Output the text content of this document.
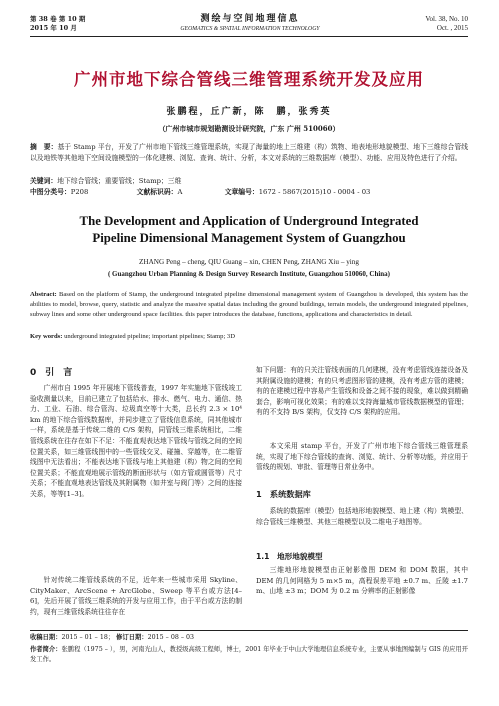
第 38 卷 第 10 期
2015 年 10 月
测绘与空间地理信息
GEOMATICS & SPATIAL INFORMATION TECHNOLOGY
Vol. 38, No. 10
Oct. , 2015
广州市地下综合管线三维管理系统开发及应用
张鹏程，丘广新，陈　鹏，张秀英
（广州市城市规划勘测设计研究院，广东 广州 510060）
摘　要：基于 Stamp 平台，开发了广州市地下管线三维管理系统，实现了海量的地上三维建（构）筑物、地表地形地貌模型、地下三维综合管线以及地铁等其他地下空间设施模型的一体化建模、浏览、查询、统计、分析，本文对系统的三维数据库（模型）、功能、应用及特色进行了介绍。
关键词：地下综合管线；重要管线；Stamp；三维
中图分类号：P208	文献标识码：A	文章编号：1672 - 5867(2015)10 - 0004 - 03
The Development and Application of Underground Integrated Pipeline Dimensional Management System of Guangzhou
ZHANG Peng – cheng, QIU Guang – xin, CHEN Peng, ZHANG Xiu – ying
( Guangzhou Urban Planning & Design Survey Research Institute, Guangzhou 510060, China)
Abstract: Based on the platform of Stamp, the underground integrated pipeline dimensional management system of Guangzhou is developed, this system has the abilities to model, browse, query, statistic and analyze the massive spatial datas including the ground buildings, terrain models, the underground integrated pipelines, subway lines and some other underground space facilities. this paper introduces the database, functions, applications and characteristics in detail.
Key words: underground integrated pipeline; important pipelines; Stamp; 3D
0　引　言
广州市自 1995 年开展地下管线普查，1997 年实施地下管线竣工验收测量以来，目前已建立了包括给水、排水、燃气、电力、通信、热力、工业、石油、综合管沟、垃圾真空等十大类，总长约 2.3 × 10⁴ km 的地下综合管线数据库，并同步建立了管线信息系统，同其他城市一样，系统是基于传统二维的 C/S 架构，同管线三维系统相比，二维管线系统在往存在如下不足：不能直观表达地下管线与管线之间的空间位置关系，如三维管线图中的一些管线交叉、碰撞、穿越等，在二维管线图中无法看出；不能表达地下管线与地上其他建（构）物之间的空间位置关系；不能直观地展示管线的断面形状与（如方管或圆管等）尺寸关系；不能直观地表达管线及其附属物（如井室与阀门等）之间的连接关系，等等[1–3]。
针对传统二维管线系统的不足，近年来一些城市采用 Skyline、CityMaker、ArcScene + ArcGlobe、Sweep 等平台或方法[4–6]，先后开展了管线三维系统的开发与应用工作，由于平台或方法的制约，现有三维管线系统往往存在
如下问题：有的只关注管线表面的几何建模，没有考虑管线连接设备及其附属设施的建模；有的只考虑图形管的建模，没有考虑方管的建模；有的在建模过程中容易产生管线和设备之间不接的现象，难以做到精确套合，影响可视化效果；有的难以支持海量城市管线数据模型的管理；有的不支持 B/S 架构，仅支持 C/S 架构的应用。
本文采用 stamp 平台，开发了广州市地下综合管线三维管理系统，实现了地下综合管线的查询、浏览、统计、分析等功能，并应用于管线的规划、审批、管理等日常业务中。
1　系统数据库
系统的数据库（模型）包括地形地貌模型、地上建（构）筑模型、综合管线三维模型、其他三维模型以及二维电子地图等。
1.1　地形地貌模型
三维地形地貌模型由正射影像图 DEM 和 DOM 数据，其中 DEM 的几何网格为 5 m×5 m，高程误差平地 ±0.7 m、丘陵 ±1.7 m、山地 ±3 m；DOM 为 0.2 m 分辨率的正射影像
收稿日期：2015 – 01 – 18； 修订日期：2015 – 08 – 03
作者简介：张鹏程（1975 – ），男，河南光山人，教授级高级工程师，博士，2001 年毕业于中山大学地理信息系统专业，主要从事地图编制与 GIS 的应用开发工作。
